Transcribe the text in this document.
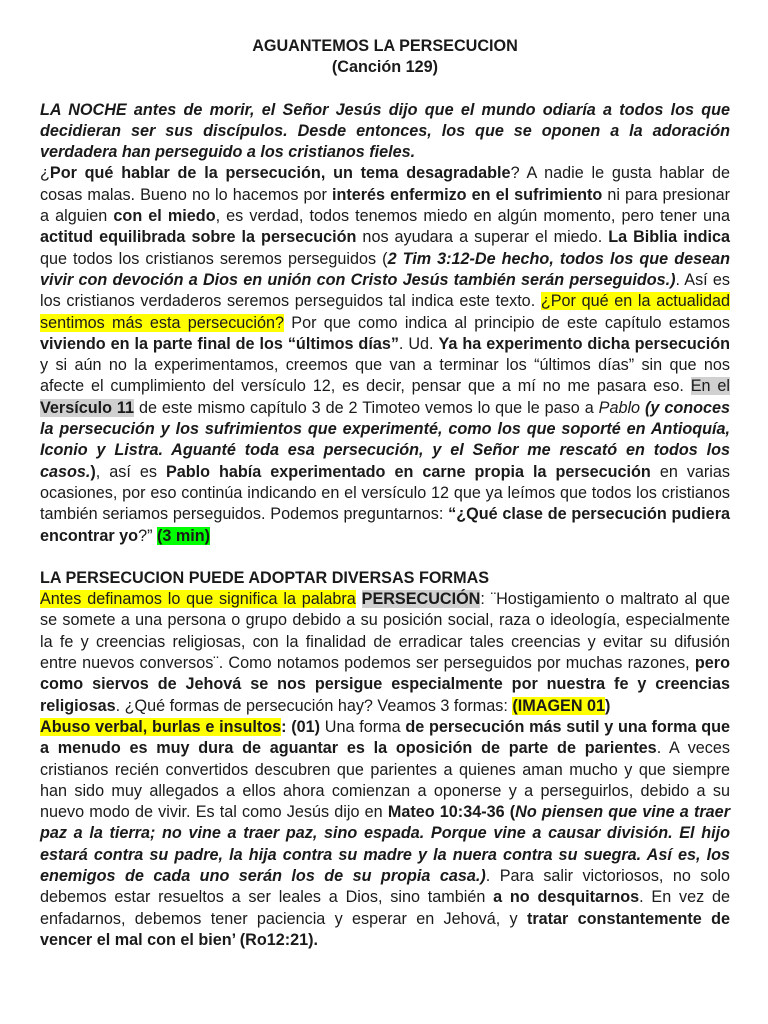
AGUANTEMOS LA PERSECUCION

(Canción 129)

LA NOCHE antes de morir, el Señor Jesús dijo que el mundo odiaría a todos los que decidieran ser sus discípulos. Desde entonces, los que se oponen a la adoración verdadera han perseguido a los cristianos fieles.

¿Por qué hablar de la persecución, un tema desagradable? A nadie le gusta hablar de cosas malas. Bueno no lo hacemos por interés enfermizo en el sufrimiento ni para presionar a alguien con el miedo, es verdad, todos tenemos miedo en algún momento, pero tener una actitud equilibrada sobre la persecución nos ayudara a superar el miedo. La Biblia indica que todos los cristianos seremos perseguidos (2 Tim 3:12-De hecho, todos los que desean vivir con devoción a Dios en unión con Cristo Jesús también serán perseguidos.). Así es los cristianos verdaderos seremos perseguidos tal indica este texto. ¿Por qué en la actualidad sentimos más esta persecución? Por que como indica al principio de este capítulo estamos viviendo en la parte final de los “últimos días”. Ud. Ya ha experimento dicha persecución y si aún no la experimentamos, creemos que van a terminar los “últimos días” sin que nos afecte el cumplimiento del versículo 12, es decir, pensar que a mí no me pasara eso. En el Versículo 11 de este mismo capítulo 3 de 2 Timoteo vemos lo que le paso a Pablo (y conoces la persecución y los sufrimientos que experimenté, como los que soporté en Antioquía, Iconio y Listra. Aguanté toda esa persecución, y el Señor me rescató en todos los casos.), así es Pablo había experimentado en carne propia la persecución en varias ocasiones, por eso continúa indicando en el versículo 12 que ya leímos que todos los cristianos también seriamos perseguidos. Podemos preguntarnos: “¿Qué clase de persecución pudiera encontrar yo?” (3 min)

LA PERSECUCION PUEDE ADOPTAR DIVERSAS FORMAS

Antes definamos lo que significa la palabra PERSECUCIÓN: ¨Hostigamiento o maltrato al que se somete a una persona o grupo debido a su posición social, raza o ideología, especialmente la fe y creencias religiosas, con la finalidad de erradicar tales creencias y evitar su difusión entre nuevos conversos¨. Como notamos podemos ser perseguidos por muchas razones, pero como siervos de Jehová se nos persigue especialmente por nuestra fe y creencias religiosas. ¿Qué formas de persecución hay? Veamos 3 formas: (IMAGEN 01)

Abuso verbal, burlas e insultos: (01) Una forma de persecución más sutil y una forma que a menudo es muy dura de aguantar es la oposición de parte de parientes. A veces cristianos recién convertidos descubren que parientes a quienes aman mucho y que siempre han sido muy allegados a ellos ahora comienzan a oponerse y a perseguirlos, debido a su nuevo modo de vivir. Es tal como Jesús dijo en Mateo 10:34-36 (No piensen que vine a traer paz a la tierra; no vine a traer paz, sino espada. Porque vine a causar división. El hijo estará contra su padre, la hija contra su madre y la nuera contra su suegra. Así es, los enemigos de cada uno serán los de su propia casa.). Para salir victoriosos, no solo debemos estar resueltos a ser leales a Dios, sino también a no desquitarnos. En vez de enfadarnos, debemos tener paciencia y esperar en Jehová, y tratar constantemente de vencer el mal con el bien’ (Ro12:21).
